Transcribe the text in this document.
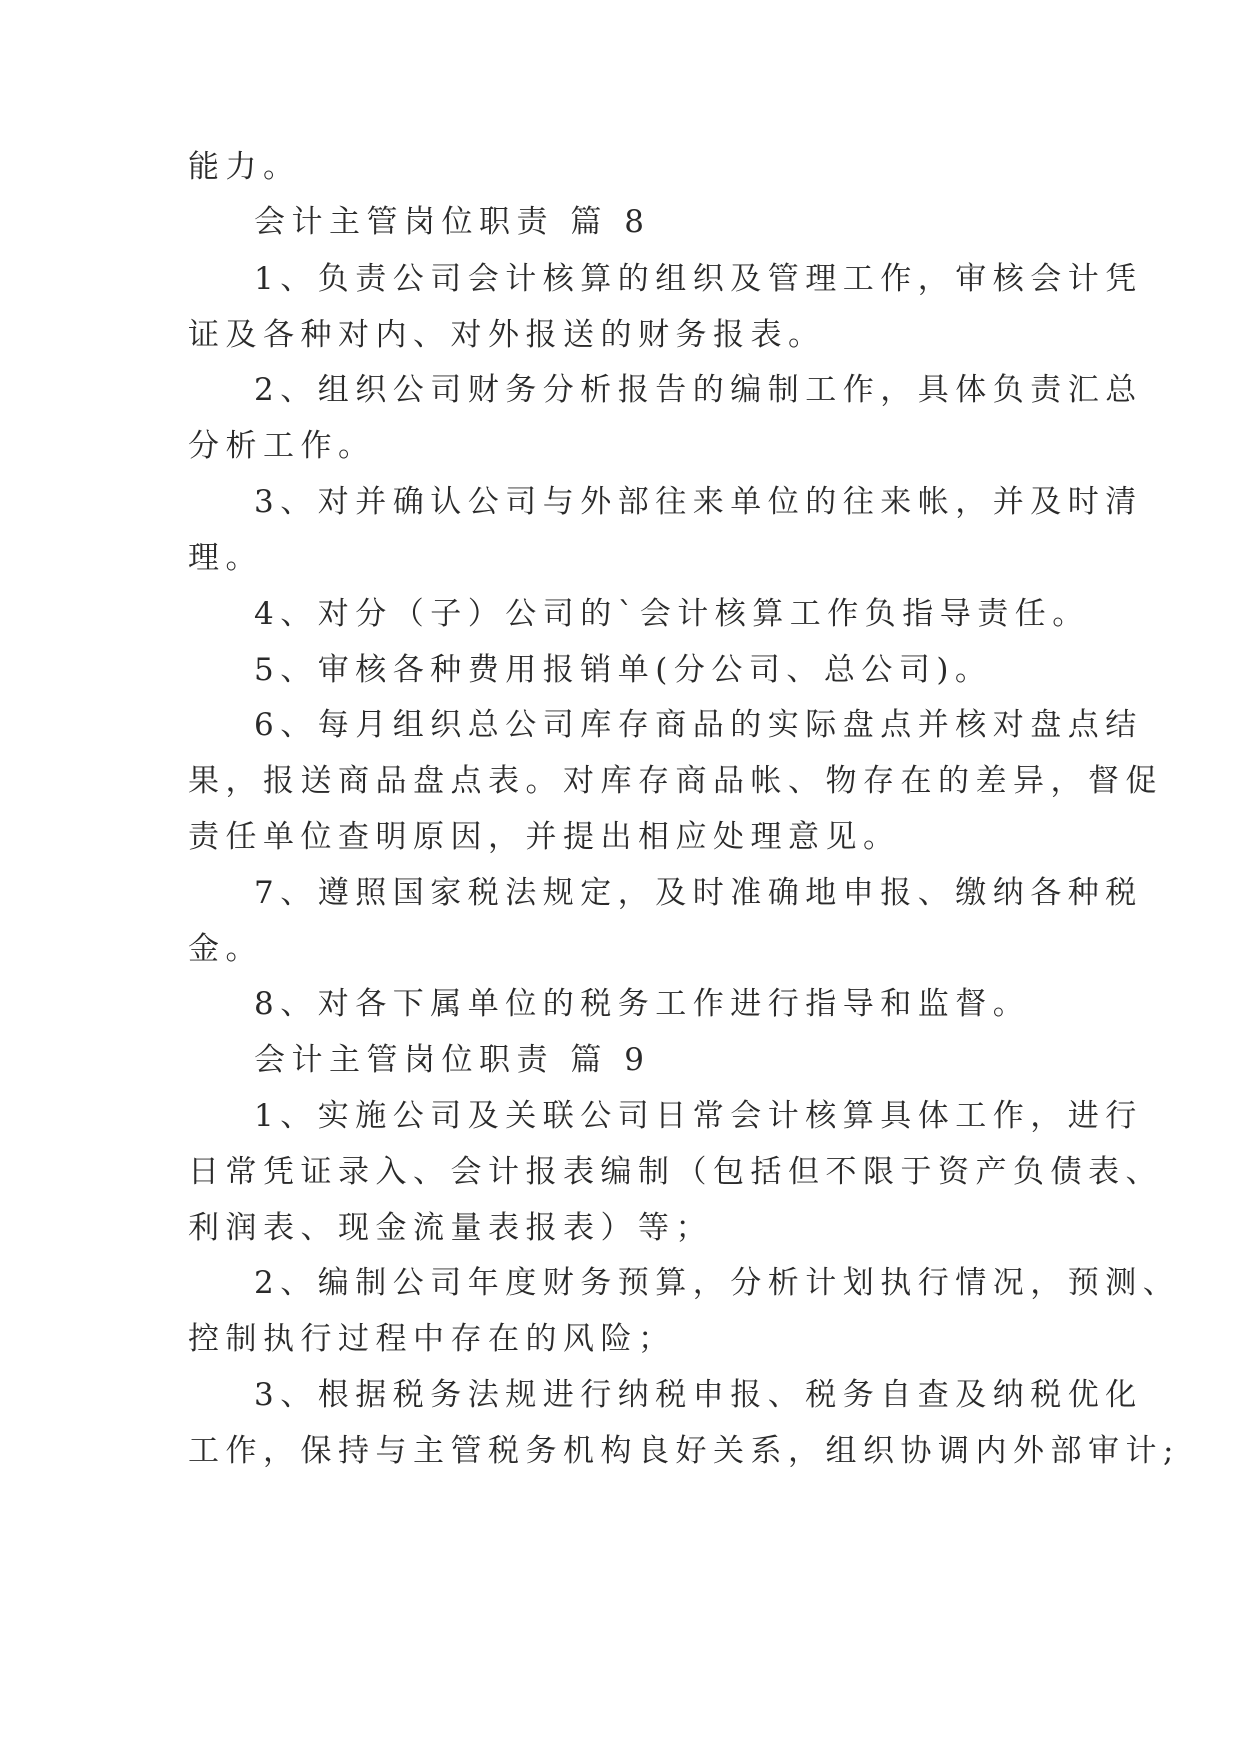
能力。
会计主管岗位职责 篇 8
1、负责公司会计核算的组织及管理工作，审核会计凭
证及各种对内、对外报送的财务报表。
2、组织公司财务分析报告的编制工作，具体负责汇总
分析工作。
3、对并确认公司与外部往来单位的往来帐，并及时清
理。
4、对分（子）公司的`会计核算工作负指导责任。
5、审核各种费用报销单(分公司、总公司)。
6、每月组织总公司库存商品的实际盘点并核对盘点结
果，报送商品盘点表。对库存商品帐、物存在的差异，督促
责任单位查明原因，并提出相应处理意见。
7、遵照国家税法规定，及时准确地申报、缴纳各种税
金。
8、对各下属单位的税务工作进行指导和监督。
会计主管岗位职责 篇 9
1、实施公司及关联公司日常会计核算具体工作，进行
日常凭证录入、会计报表编制（包括但不限于资产负债表、
利润表、现金流量表报表）等；
2、编制公司年度财务预算，分析计划执行情况，预测、
控制执行过程中存在的风险；
3、根据税务法规进行纳税申报、税务自查及纳税优化
工作，保持与主管税务机构良好关系，组织协调内外部审计;
